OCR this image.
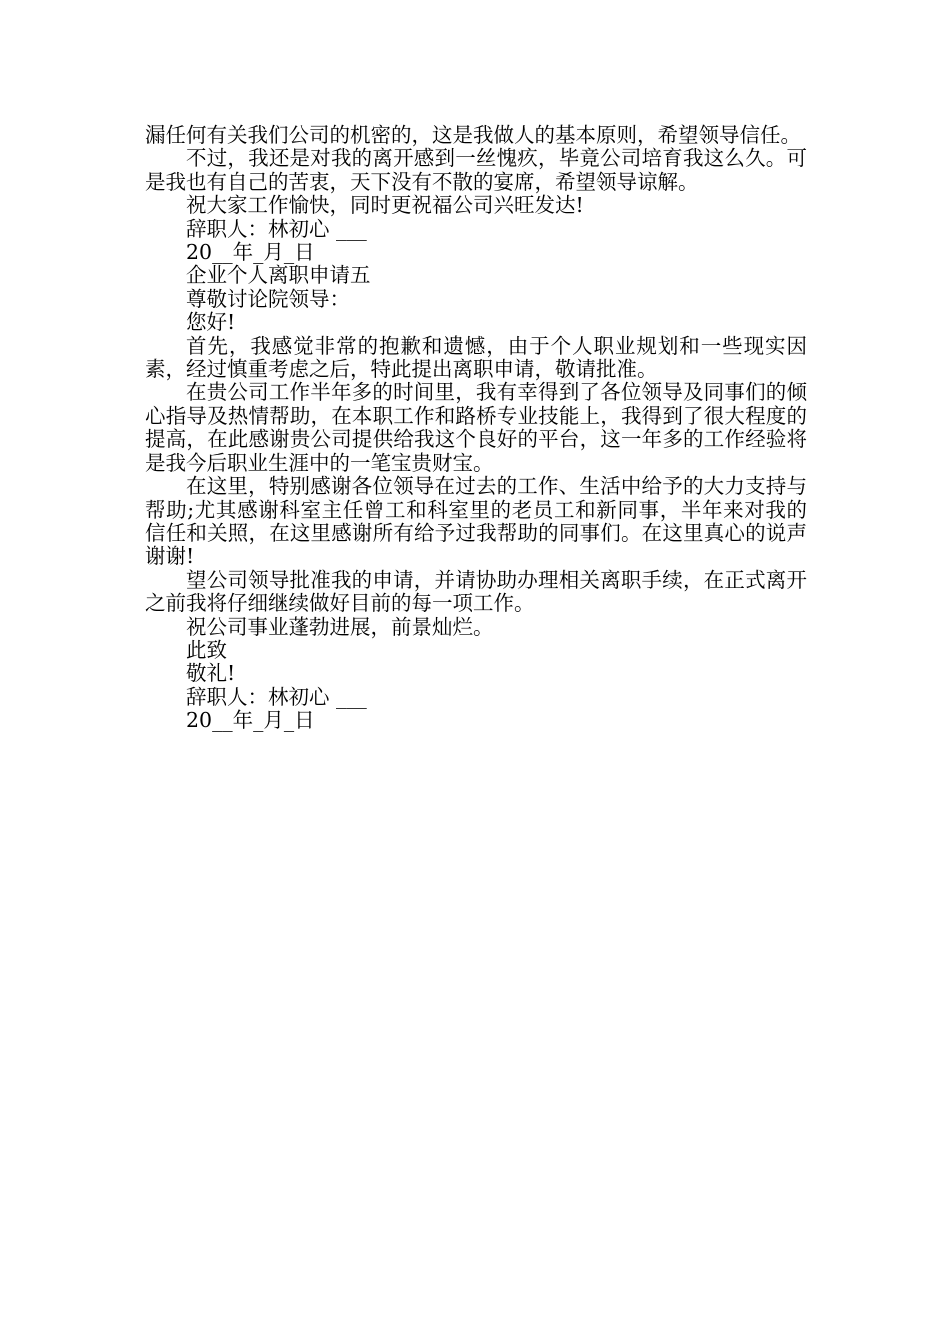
漏任何有关我们公司的机密的，这是我做人的基本原则，希望领导信任。

不过，我还是对我的离开感到一丝愧疚，毕竟公司培育我这么久。可是我也有自己的苦衷，天下没有不散的宴席，希望领导谅解。

祝大家工作愉快，同时更祝福公司兴旺发达!

辞职人：林初心 ___

20__年_月_日

企业个人离职申请五

尊敬讨论院领导：

您好!

首先，我感觉非常的抱歉和遗憾，由于个人职业规划和一些现实因素，经过慎重考虑之后，特此提出离职申请，敬请批准。

在贵公司工作半年多的时间里，我有幸得到了各位领导及同事们的倾心指导及热情帮助，在本职工作和路桥专业技能上，我得到了很大程度的提高，在此感谢贵公司提供给我这个良好的平台，这一年多的工作经验将是我今后职业生涯中的一笔宝贵财宝。

在这里，特别感谢各位领导在过去的工作、生活中给予的大力支持与帮助;尤其感谢科室主任曾工和科室里的老员工和新同事，半年来对我的信任和关照，在这里感谢所有给予过我帮助的同事们。在这里真心的说声谢谢!

望公司领导批准我的申请，并请协助办理相关离职手续，在正式离开之前我将仔细继续做好目前的每一项工作。

祝公司事业蓬勃进展，前景灿烂。

此致

敬礼!

辞职人：林初心 ___

20__年_月_日
